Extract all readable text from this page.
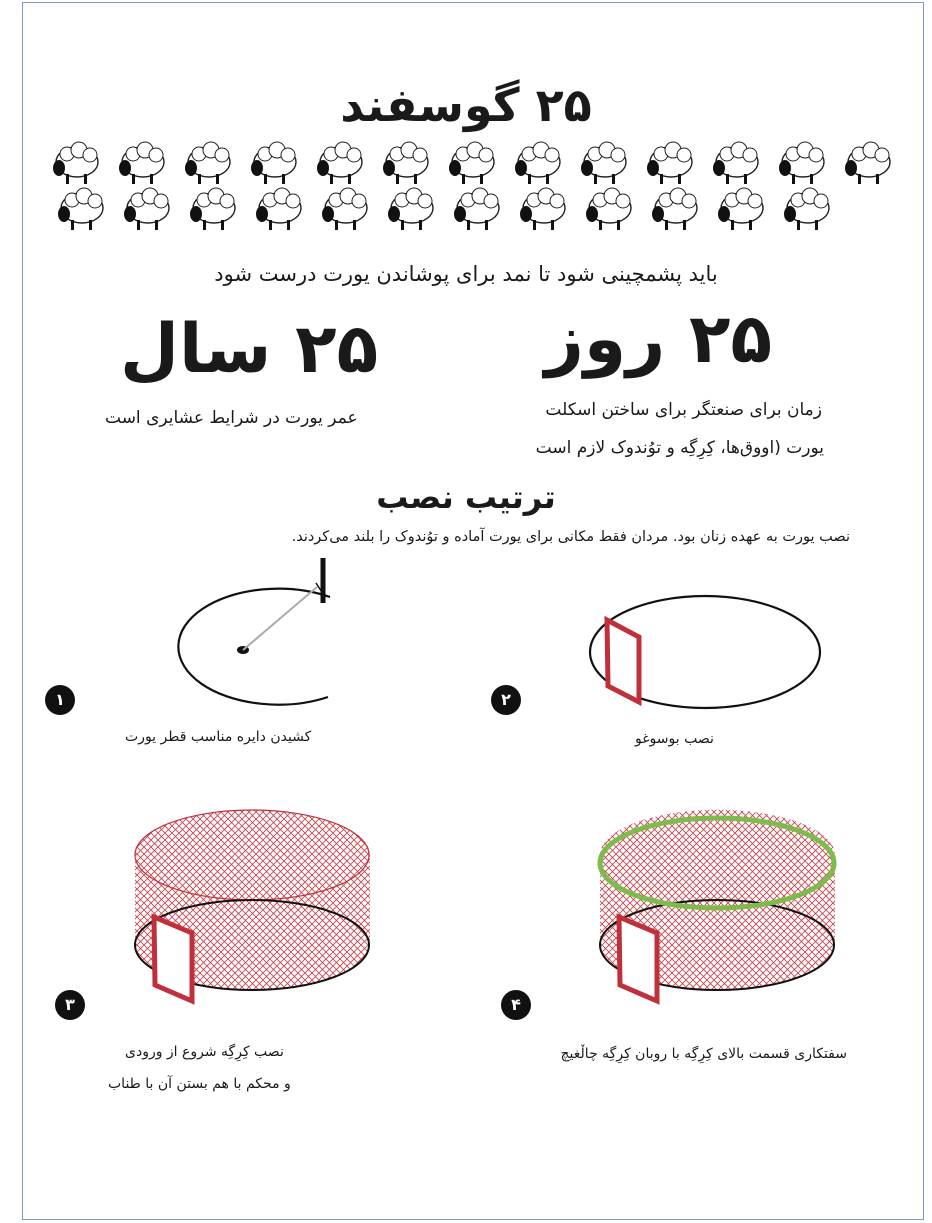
۲۵ گوسفند
باید پشمچینی شود تا نمد برای پوشاندن یورت درست شود
۲۵ روز
زمان برای صنعتگر برای ساختن اسکلت
یورت (اووق‌ها، کِرِگِه و توُندوک لازم است
۲۵ سال
عمر یورت در شرایط عشایری است
ترتیب نصب
نصب یورت به عهده زنان بود. مردان فقط مکانی برای یورت آماده و توُندوک را بلند می‌کردند.
۱
کشیدن دایره مناسب قطر یورت
۲
نصب بوسوغو
۳
نصب کِرِگِه شروع از ورودی
و محکم با هم بستن آن با طناب
۴
سفتکاری قسمت بالای کِرِگِه با روبان کِرِگِه چاڵغیچ
